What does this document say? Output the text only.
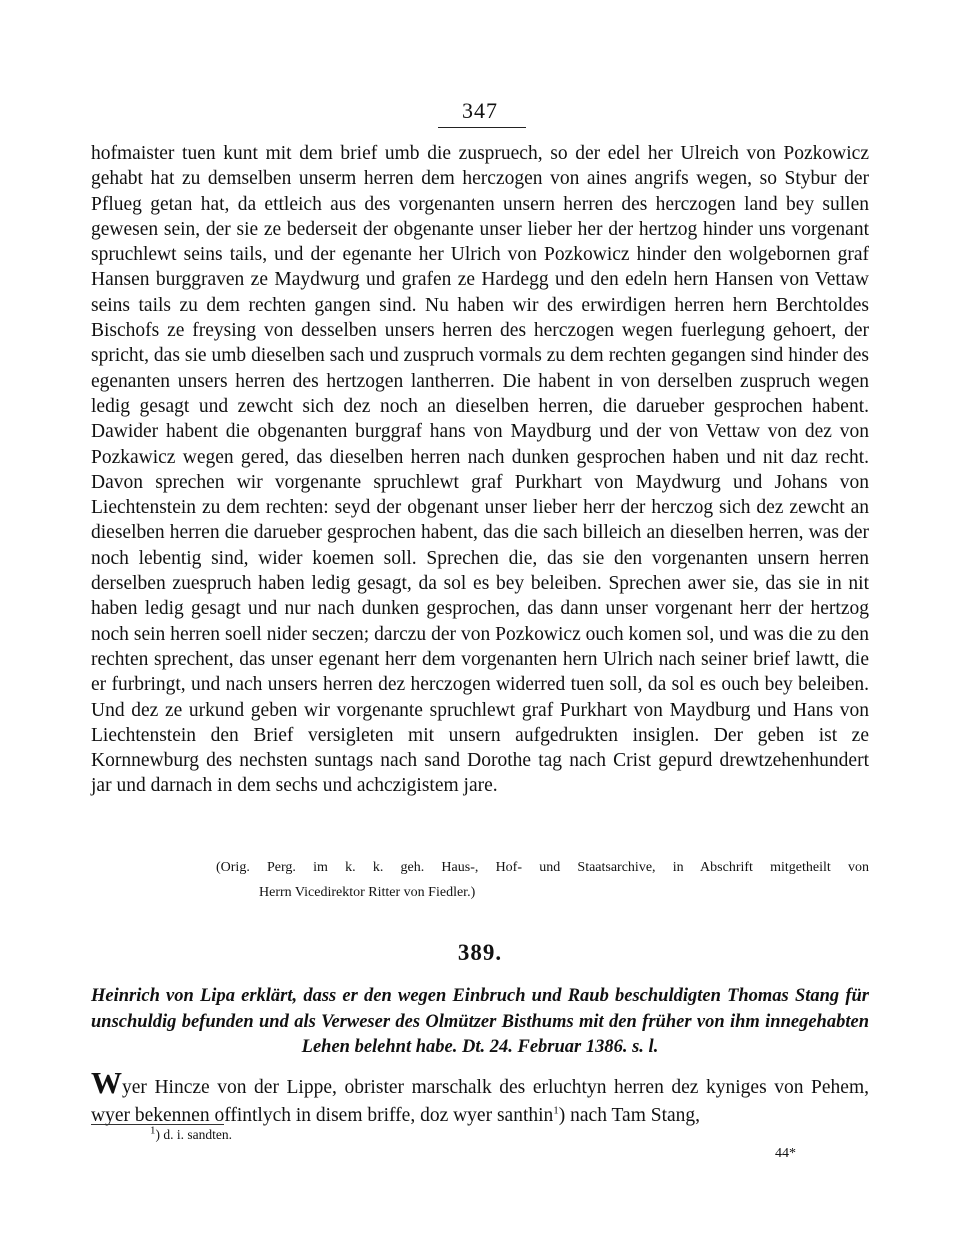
347

hofmaister tuen kunt mit dem brief umb die zuspruech, so der edel her Ulreich von Pozkowicz gehabt hat zu demselben unserm herren dem herczogen von aines angrifs wegen, so Stybur der Pflueg getan hat, da ettleich aus des vorgenanten unsern herren des herczogen land bey sullen gewesen sein, der sie ze bederseit der obgenante unser lieber her der hertzog hinder uns vorgenant spruchlewt seins tails, und der egenante her Ulrich von Pozkowicz hinder den wolgebornen graf Hansen burggraven ze Maydwurg und grafen ze Hardegg und den edeln hern Hansen von Vettaw seins tails zu dem rechten gangen sind. Nu haben wir des erwirdigen herren hern Berchtoldes Bischofs ze freysing von desselben unsers herren des herczogen wegen fuerlegung gehoert, der spricht, das sie umb dieselben sach und zuspruch vormals zu dem rechten gegangen sind hinder des egenanten unsers herren des hertzogen lantherren. Die habent in von derselben zuspruch wegen ledig gesagt und zewcht sich dez noch an dieselben herren, die darueber gesprochen habent. Dawider habent die obgenanten burggraf hans von Maydburg und der von Vettaw von dez von Pozkawicz wegen gered, das dieselben herren nach dunken gesprochen haben und nit daz recht. Davon sprechen wir vorgenante spruchlewt graf Purkhart von Maydwurg und Johans von Liechtenstein zu dem rechten: seyd der obgenant unser lieber herr der herczog sich dez zewcht an dieselben herren die darueber gesprochen habent, das die sach billeich an dieselben herren, was der noch lebentig sind, wider koemen soll. Sprechen die, das sie den vorgenanten unsern herren derselben zuespruch haben ledig gesagt, da sol es bey beleiben. Sprechen awer sie, das sie in nit haben ledig gesagt und nur nach dunken gesprochen, das dann unser vorgenant herr der hertzog noch sein herren soell nider seczen; darczu der von Pozkowicz ouch komen sol, und was die zu den rechten sprechent, das unser egenant herr dem vorgenanten hern Ulrich nach seiner brief lawtt, die er furbringt, und nach unsers herren dez herczogen widerred tuen soll, da sol es ouch bey beleiben. Und dez ze urkund geben wir vorgenante spruchlewt graf Purkhart von Maydburg und Hans von Liechtenstein den Brief versigleten mit unsern aufgedrukten insiglen. Der geben ist ze Kornnewburg des nechsten suntags nach sand Dorothe tag nach Crist gepurd drewtzehenhundert jar und darnach in dem sechs und achczigistem jare.

(Orig. Perg. im k. k. geh. Haus-, Hof- und Staatsarchive, in Abschrift mitgetheilt von
Herrn Vicedirektor Ritter von Fiedler.)

389.

Heinrich von Lipa erklärt, dass er den wegen Einbruch und Raub beschuldigten Thomas Stang für unschuldig befunden und als Verweser des Olmützer Bisthums mit den früher von ihm innegehabten Lehen belehnt habe. Dt. 24. Februar 1386. s. l.

Wyer Hincze von der Lippe, obrister marschalk des erluchtyn herren dez kyniges von Pehem, wyer bekennen offintlych in disem briffe, doz wyer santhin$^1$) nach Tam Stang,

$^1$) d. i. sandten.

44*
